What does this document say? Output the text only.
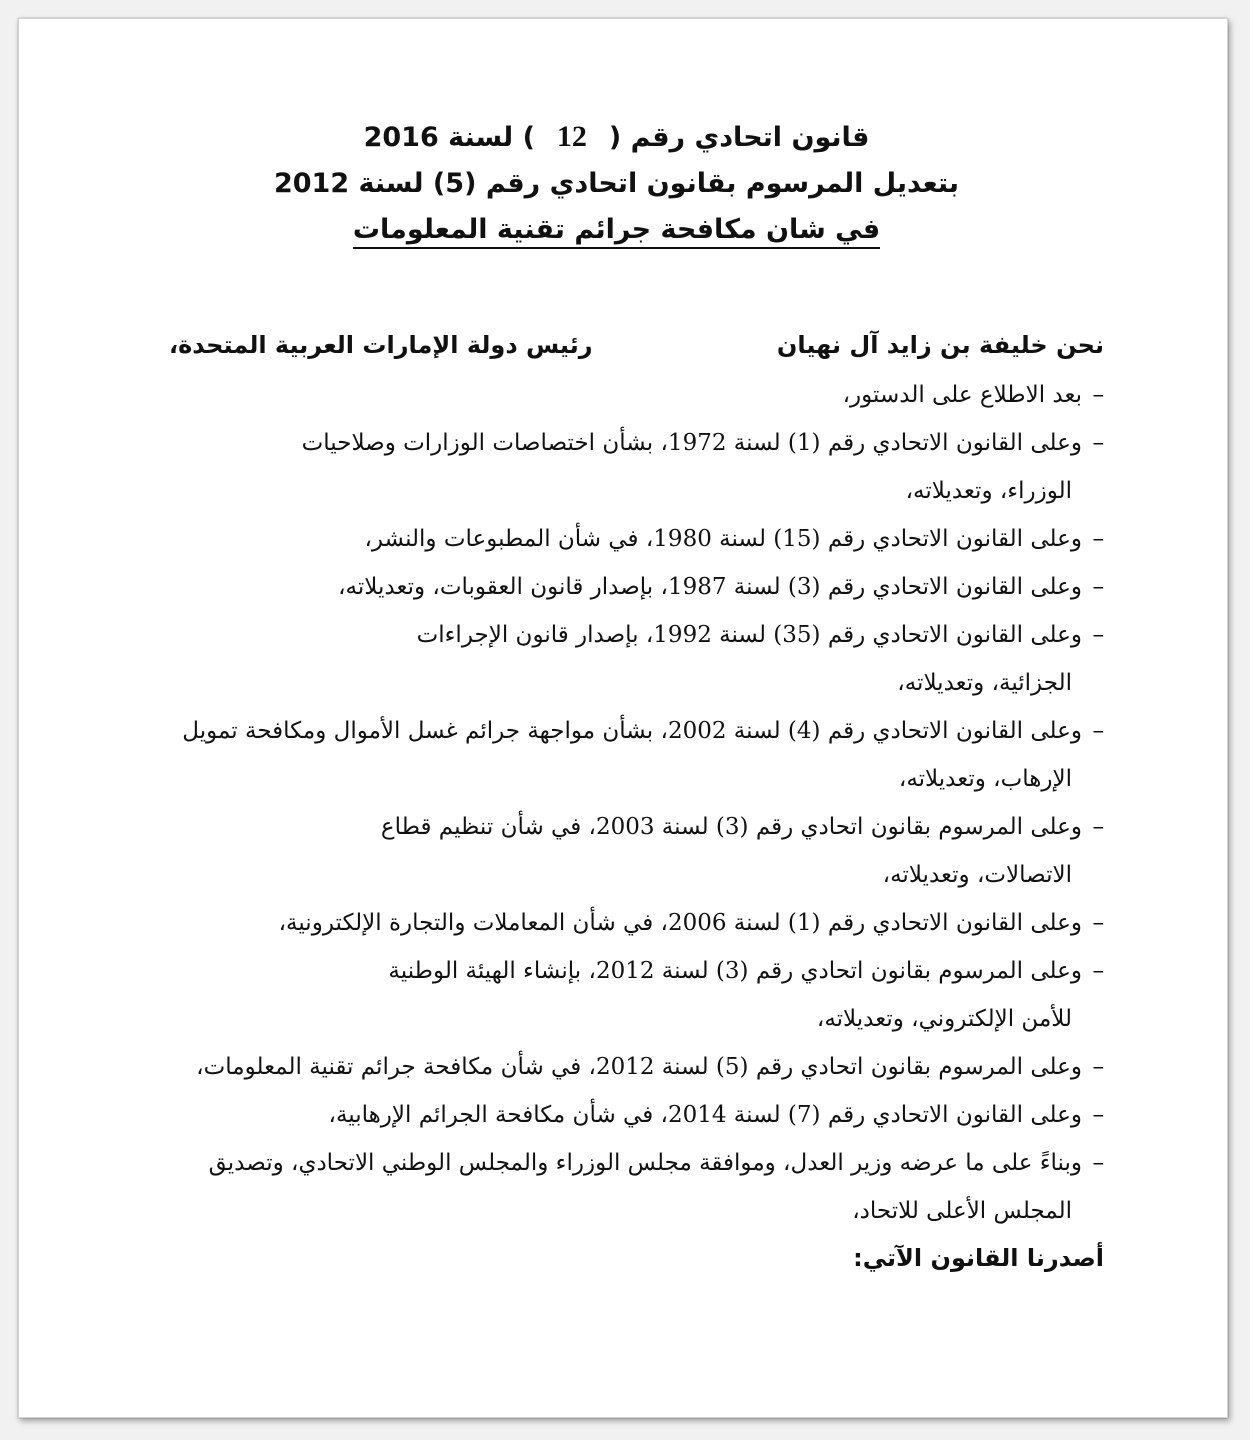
قانون اتحادي رقم (12) لسنة 2016

بتعديل المرسوم بقانون اتحادي رقم (5) لسنة 2012

في شان مكافحة جرائم تقنية المعلومات

نحن خليفة بن زايد آل نهيان
رئيس دولة الإمارات العربية المتحدة،
–
بعد الاطلاع على الدستور،
–
وعلى القانون الاتحادي رقم (1) لسنة 1972، بشأن اختصاصات الوزارات وصلاحيات
الوزراء، وتعديلاته،
–
وعلى القانون الاتحادي رقم (15) لسنة 1980، في شأن المطبوعات والنشر،
–
وعلى القانون الاتحادي رقم (3) لسنة 1987، بإصدار قانون العقوبات، وتعديلاته،
–
وعلى القانون الاتحادي رقم (35) لسنة 1992، بإصدار قانون الإجراءات
الجزائية، وتعديلاته،
–
وعلى القانون الاتحادي رقم (4) لسنة 2002، بشأن مواجهة جرائم غسل الأموال ومكافحة تمويل
الإرهاب، وتعديلاته،
–
وعلى المرسوم بقانون اتحادي رقم (3) لسنة 2003، في شأن تنظيم قطاع
الاتصالات، وتعديلاته،
–
وعلى القانون الاتحادي رقم (1) لسنة 2006، في شأن المعاملات والتجارة الإلكترونية،
–
وعلى المرسوم بقانون اتحادي رقم (3) لسنة 2012، بإنشاء الهيئة الوطنية
للأمن الإلكتروني، وتعديلاته،
–
وعلى المرسوم بقانون اتحادي رقم (5) لسنة 2012، في شأن مكافحة جرائم تقنية المعلومات،
–
وعلى القانون الاتحادي رقم (7) لسنة 2014، في شأن مكافحة الجرائم الإرهابية،
–
وبناءً على ما عرضه وزير العدل، وموافقة مجلس الوزراء والمجلس الوطني الاتحادي، وتصديق
المجلس الأعلى للاتحاد،

أصدرنا القانون الآتي:
